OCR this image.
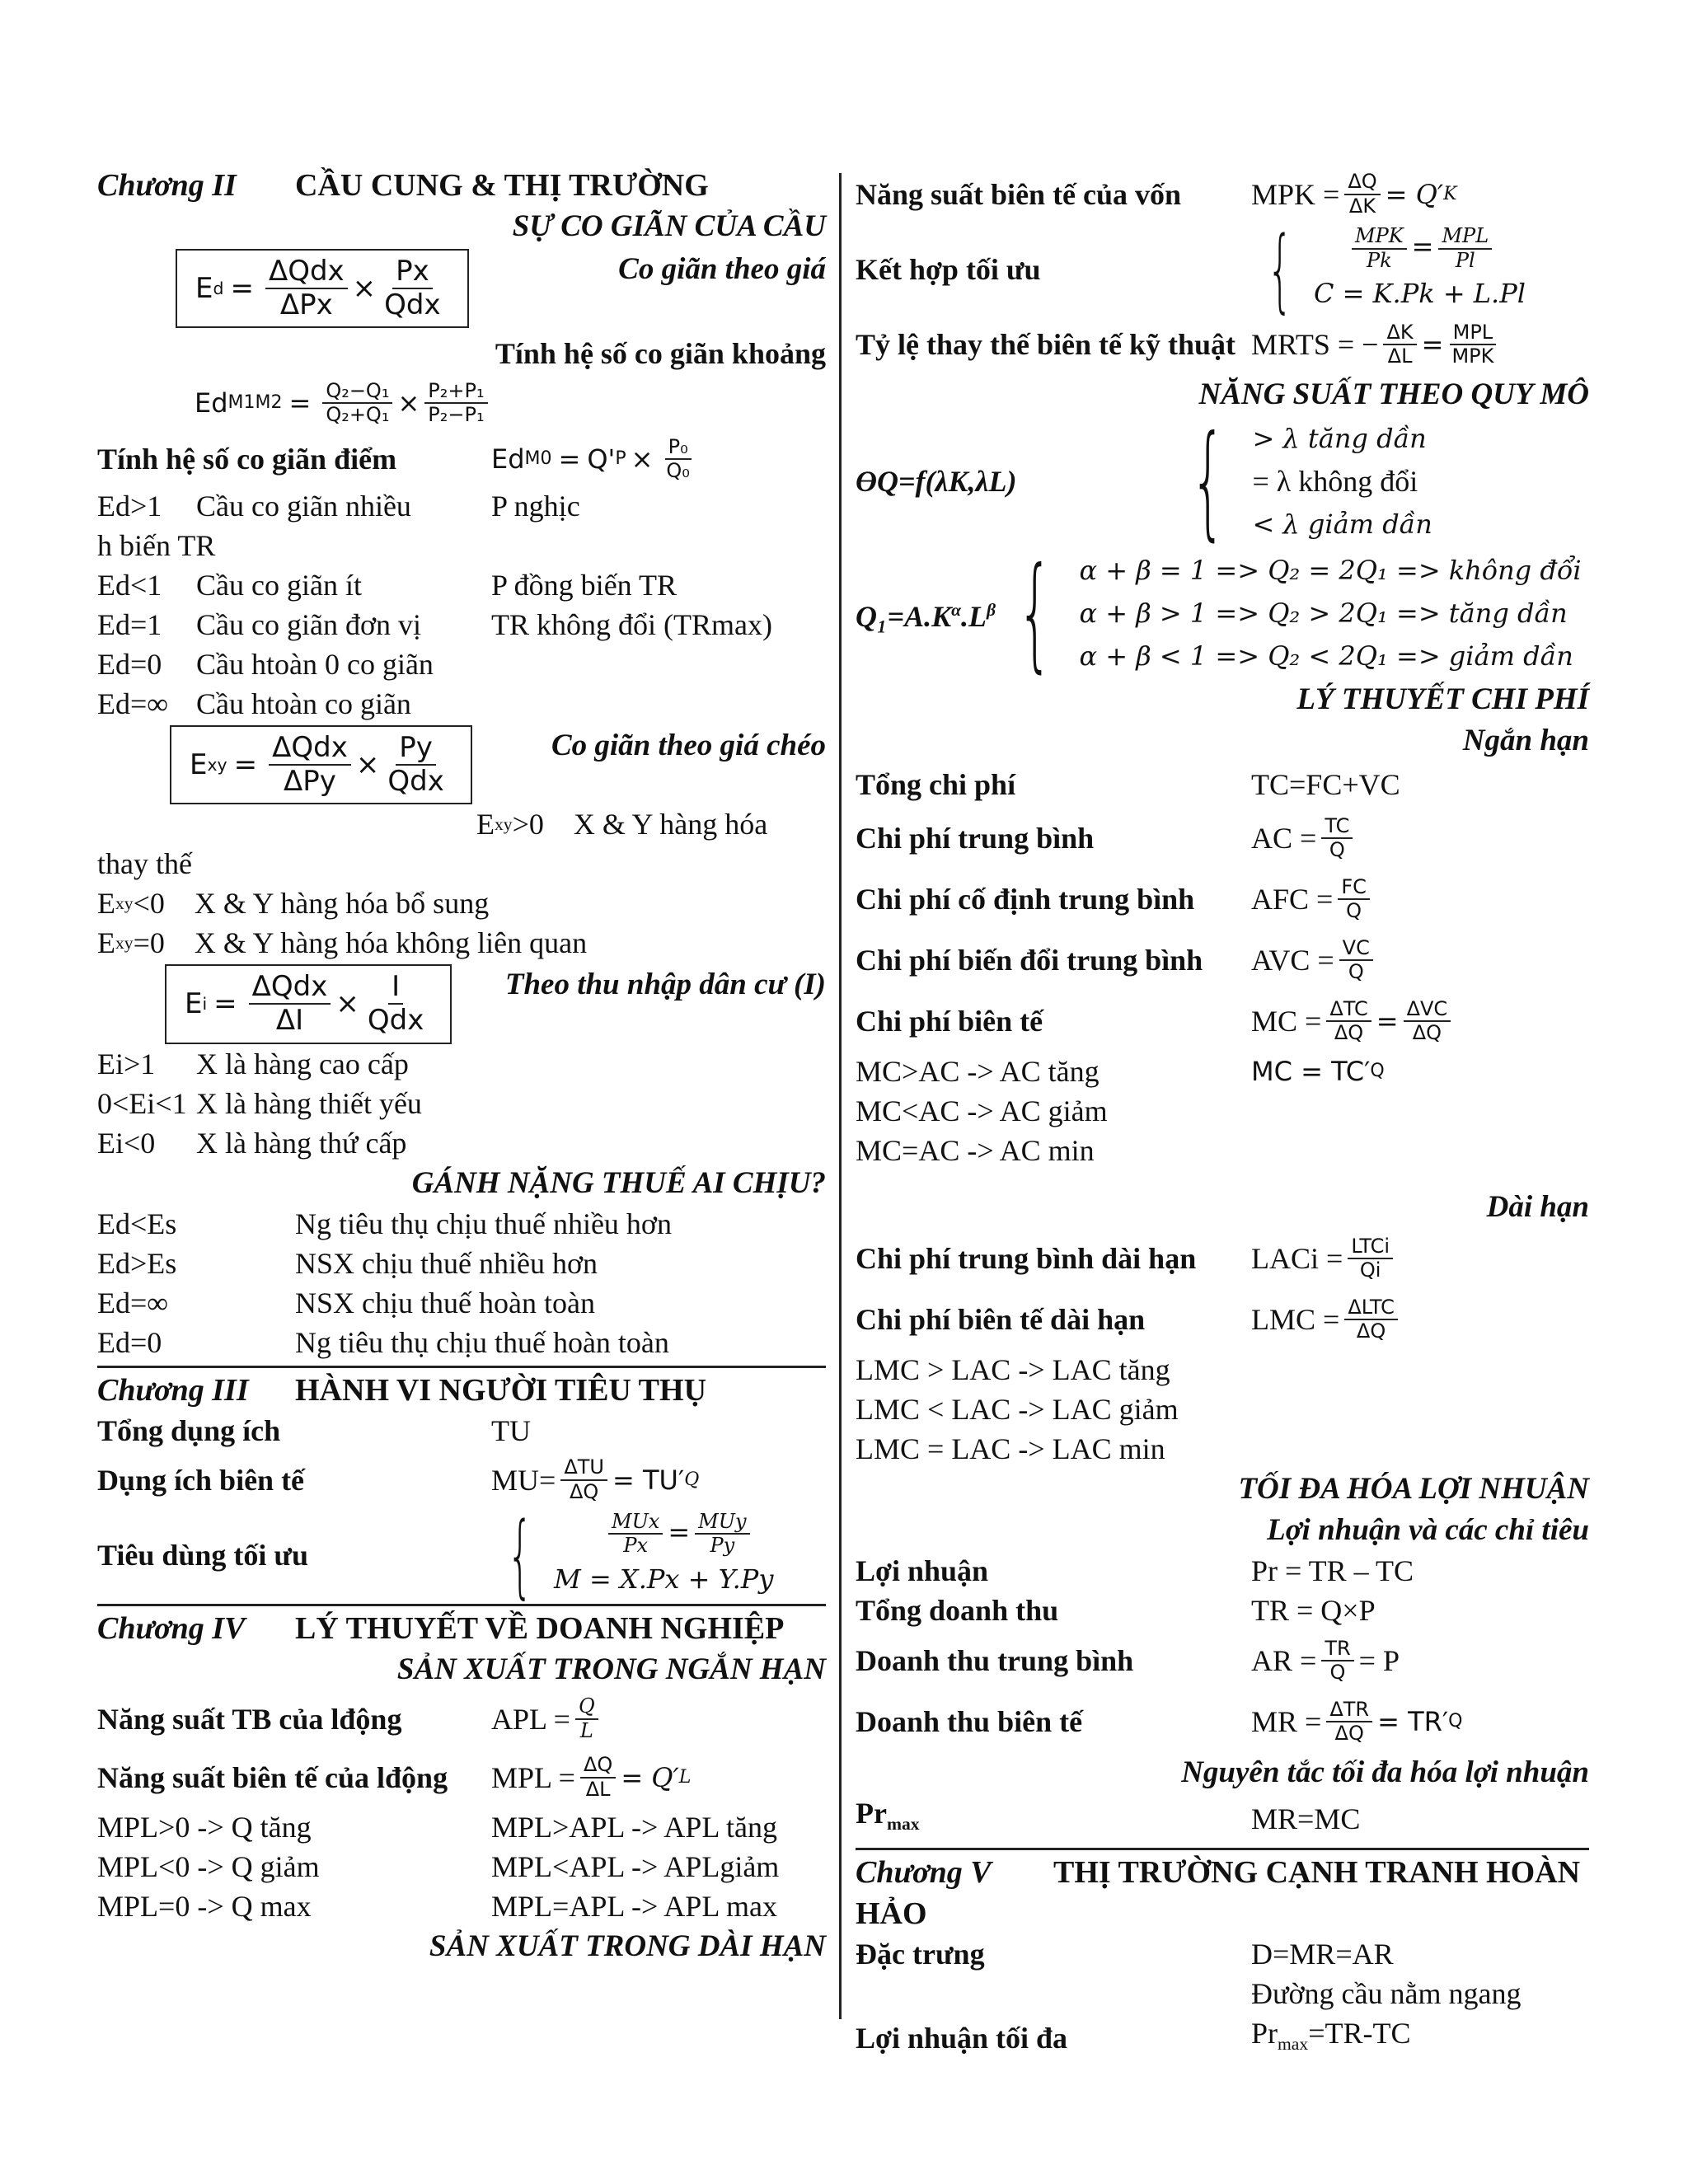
Chương II	CẦU CUNG & THỊ TRƯỜNG
SỰ CO GIÃN CỦA CẦU
E $d = \frac{\text{ΔQdx}}{\text{ΔPx}} \times \frac{Px}{\text{Qdx}}$	Co giãn theo giá
Tính hệ số co giãn khoảng
Ed $M1M2 = \frac{\text{Q₂−Q₁}}{\text{Q₂+Q₁}} \times \frac{\text{P₂+P₁}}{\text{P₂−P₁}}$
Tính hệ số co giãn điểm	Ed M0 = Q' $P \times \frac{\text{P₀}}{\text{Q₀}}$
Ed>1	Cầu co giãn nhiều	P nghịc
h biến TR
Ed<1	Cầu co giãn ít	P đồng biến TR
Ed=1	Cầu co giãn đơn vị	TR không đổi (TRmax)
Ed=0	Cầu htoàn 0 co giãn
Ed=∞ Cầu htoàn co giãn
E xy = $\frac{\text{ΔQdx}}{\text{ΔPy}} \times \frac{Py}{\text{Qdx}}$	Co giãn theo giá chéo
E xy >0    X & Y hàng hóa
thay thế
E xy <0    X & Y hàng hóa bổ sung
E xy =0    X & Y hàng hóa không liên quan
E $i = \frac{\text{ΔQdx}}{\Delta I} \times \frac{I}{\text{Qdx}}$	Theo thu nhập dân cư (I)
Ei>1	X là hàng cao cấp
0<Ei<1 X là hàng thiết yếu
Ei<0	X là hàng thứ cấp
GÁNH NẶNG THUẾ AI CHỊU?
Ed<Es	Ng tiêu thụ chịu thuế nhiều hơn
Ed>Es	NSX chịu thuế nhiều hơn
Ed=∞	NSX chịu thuế hoàn toàn
Ed=0	Ng tiêu thụ chịu thuế hoàn toàn
Chương III	HÀNH VI NGƯỜI TIÊU THỤ
Tổng dụng ích	TU
Dụng ích biên tế	$MU= \frac{\text{ΔTU}}{\Delta Q} = TU'$ Q
Tiêu dùng tối ưu	{	$\frac{\text{MUx}}{Px} = \frac{\text{MUy}}{Py}$
M = X.Px + Y.Py
Chương IV	LÝ THUYẾT VỀ DOANH NGHIỆP
SẢN XUẤT TRONG NGẮN HẠN
Năng suất TB của lđộng	APL = $\frac{Q}{L}$
Năng suất biên tế của lđộng	MPL = $\frac{\Delta Q}{\Delta L} = Q'$ L
MPL>0 -> Q tăng	MPL>APL -> APL tăng
MPL<0 -> Q giảm	MPL<APL -> APLgiảm
MPL=0 -> Q max	MPL=APL -> APL max
SẢN XUẤT TRONG DÀI HẠN
Năng suất biên tế của vốn	MPK = $\frac{\Delta Q}{\Delta K} = Q'$ K
Kết hợp tối ưu	{	$\frac{\text{MPK}}{Pk} = \frac{\text{MPL}}{Pl}$
C = K.Pk + L.Pl
Tỷ lệ thay thế biên tế kỹ thuật MRTS = − $\frac{\Delta K}{\Delta L} = \frac{\text{MPL}}{\text{MPK}}$
NĂNG SUẤT THEO QUY MÔ
ƟQ=f(λK,λL)	{ > λ tăng dần
= λ không đổi
< λ giảm dần
$Q_1=A.K^\alpha.L^\beta$ { α + β = 1 => Q₂ = 2Q₁ => không đổi
α + β > 1 => Q₂ > 2Q₁ => tăng dần
α + β < 1 => Q₂ < 2Q₁ => giảm dần
LÝ THUYẾT CHI PHÍ
Ngắn hạn
Tổng chi phí	TC=FC+VC
Chi phí trung bình	AC = $\frac{TC}{Q}$
Chi phí cố định trung bình	AFC = $\frac{FC}{Q}$
Chi phí biến đổi trung bình	AVC = $\frac{VC}{Q}$
Chi phí biên tế	MC = $\frac{\text{ΔTC}}{\Delta Q} = \frac{\text{ΔVC}}{\Delta Q}$
MC>AC -> AC tăng	MC = TC′ Q
MC<AC -> AC giảm
MC=AC -> AC min
Dài hạn
Chi phí trung bình dài hạn	LACi = $\frac{\text{LTCi}}{Qi}$
Chi phí biên tế dài hạn	LMC = $\frac{\text{ΔLTC}}{\Delta Q}$
LMC > LAC -> LAC tăng
LMC < LAC -> LAC giảm
LMC = LAC -> LAC min
TỐI ĐA HÓA LỢI NHUẬN
Lợi nhuận và các chỉ tiêu
Lợi nhuận	Pr = TR – TC
Tổng doanh thu	TR = Q×P
Doanh thu trung bình	AR = $\frac{TR}{Q} = P$
Doanh thu biên tế	MR = $\frac{\text{ΔTR}}{\Delta Q} = TR'$ Q
Nguyên tắc tối đa hóa lợi nhuận
$Pr_{max}$	MR=MC
Chương V	THỊ TRƯỜNG CẠNH TRANH HOÀN
HẢO
Đặc trưng	D=MR=AR
Đường cầu nằm ngang
Lợi nhuận tối đa	$Pr_{max}=TR-TC$
